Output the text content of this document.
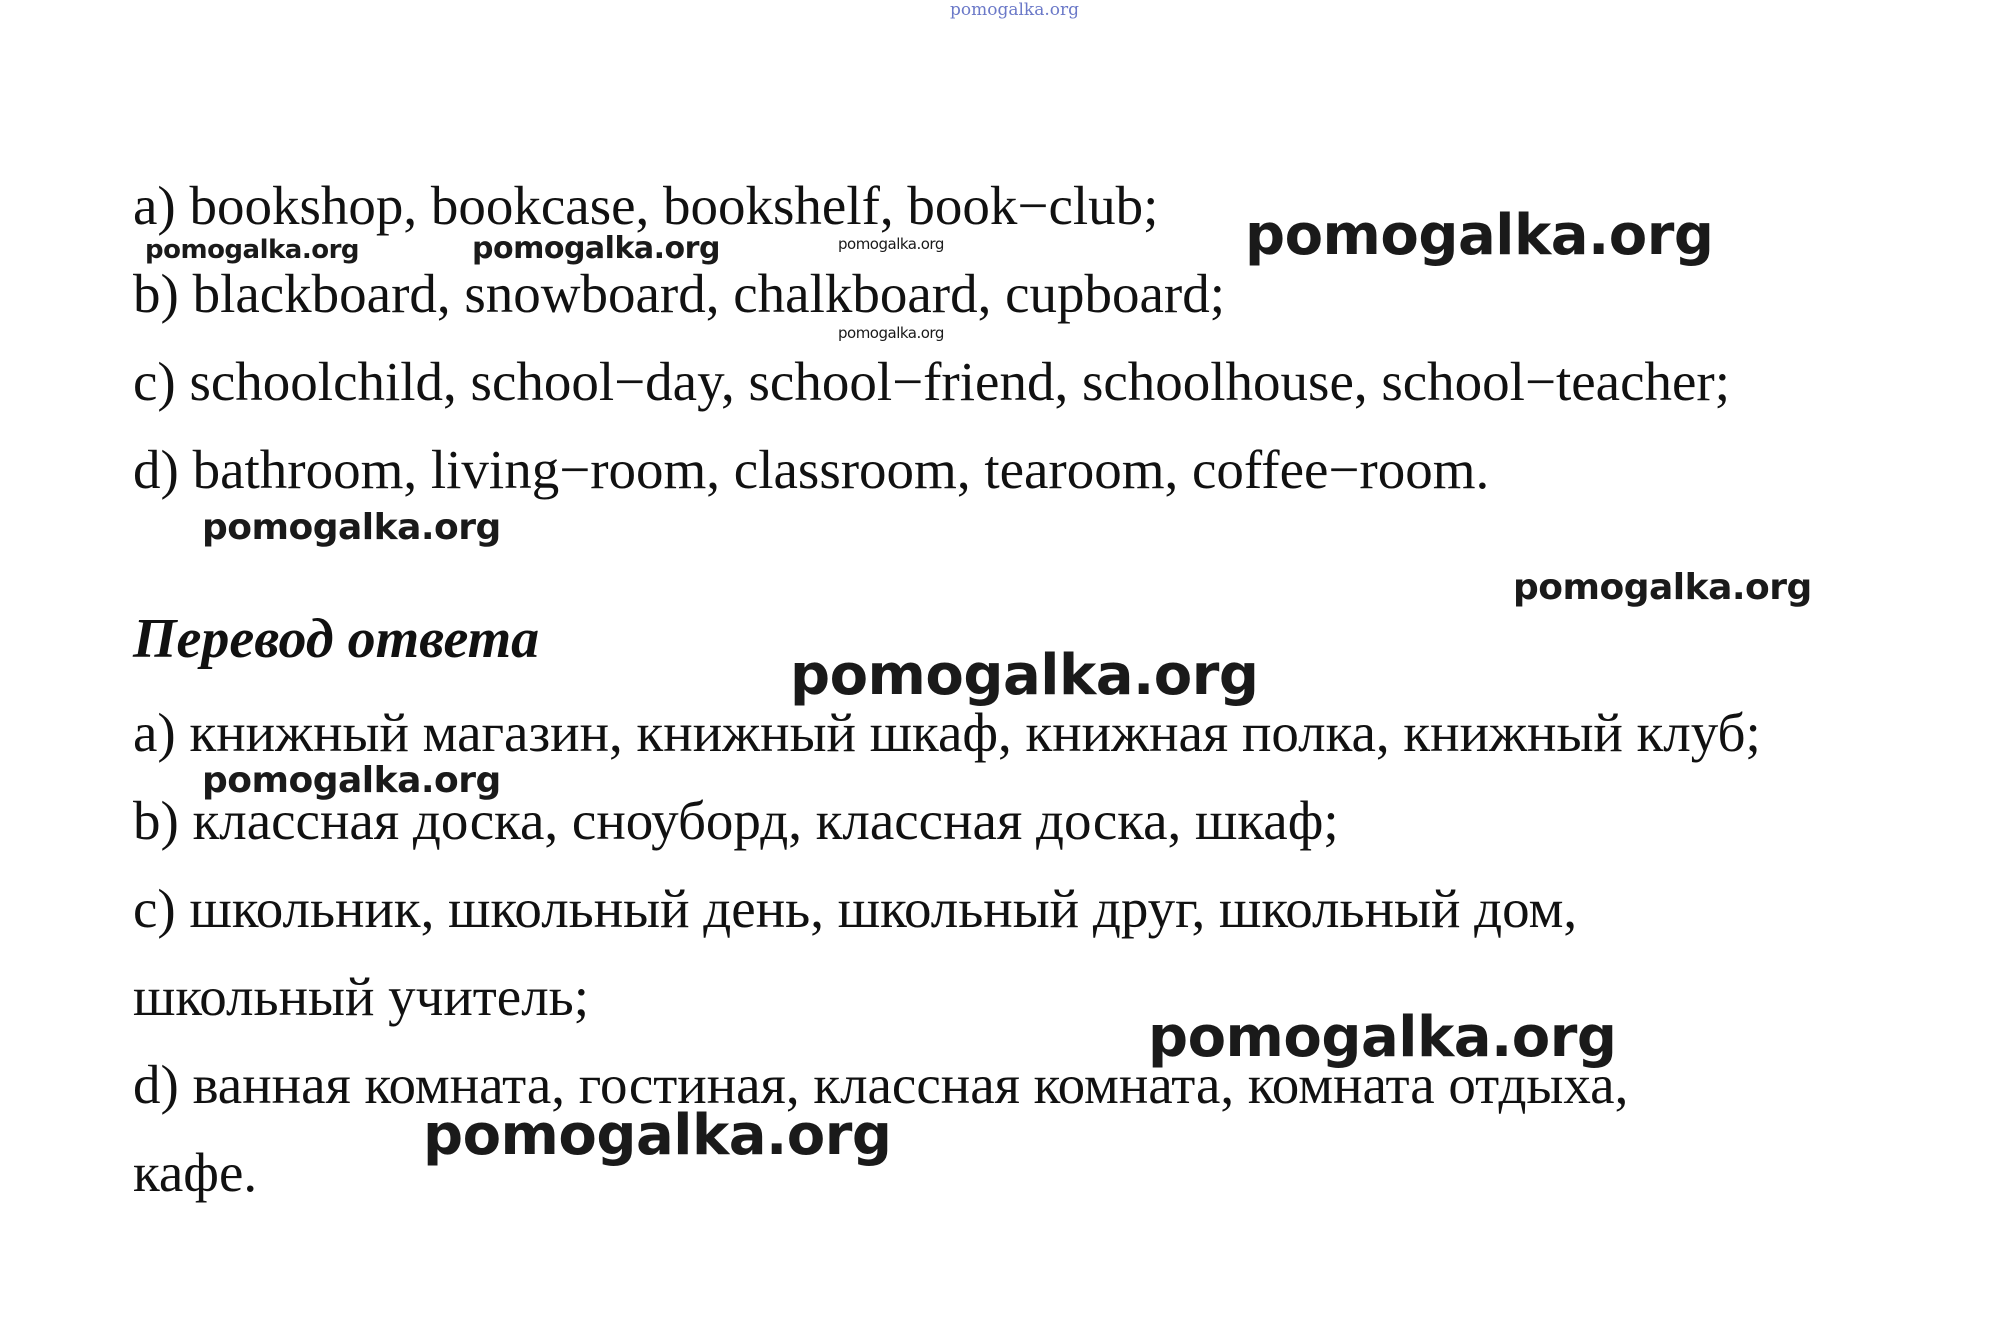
pomogalka.org
a) bookshop, bookcase, bookshelf, book−club;
b) blackboard, snowboard, chalkboard, cupboard;
c) schoolchild, school−day, school−friend, schoolhouse, school−teacher;
d) bathroom, living−room, classroom, tearoom, coffee−room.
Перевод ответа
a) книжный магазин, книжный шкаф, книжная полка, книжный клуб;
b) классная доска, сноуборд, классная доска, шкаф;
c) школьник, школьный день, школьный друг, школьный дом,
школьный учитель;
d) ванная комната, гостиная, классная комната, комната отдыха,
кафе.
pomogalka.org
pomogalka.org	pomogalka.org	pomogalka.org
pomogalka.org
pomogalka.org
pomogalka.org
pomogalka.org
pomogalka.org
pomogalka.org
pomogalka.org
